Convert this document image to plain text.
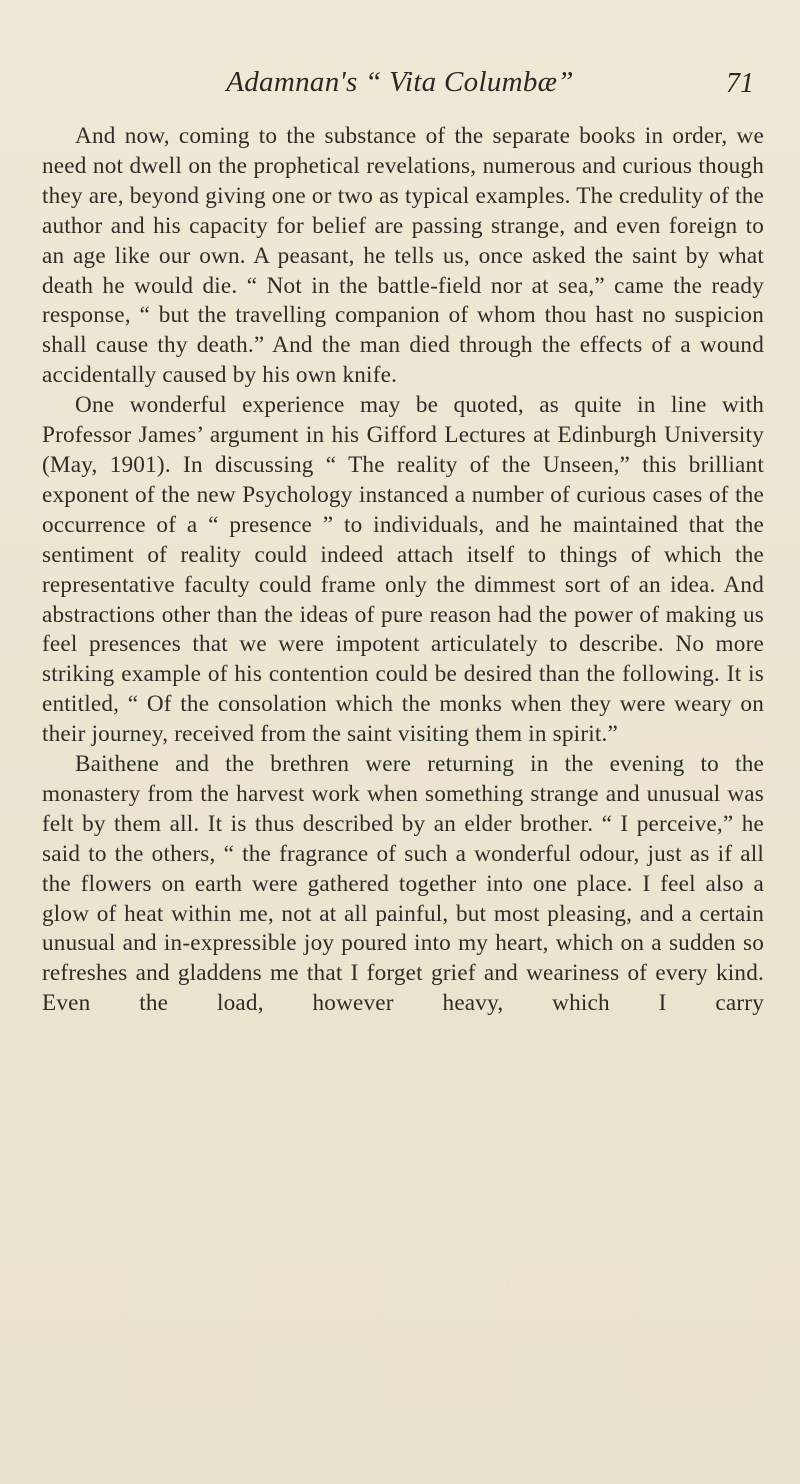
Adamnan's “ Vita Columbæ”	71

And now, coming to the substance of the separate books in order, we need not dwell on the prophetical revelations, numerous and curious though they are, beyond giving one or two as typical examples. The credulity of the author and his capacity for belief are passing strange, and even foreign to an age like our own. A peasant, he tells us, once asked the saint by what death he would die. “ Not in the battle-field nor at sea,” came the ready response, “ but the travelling companion of whom thou hast no suspicion shall cause thy death.” And the man died through the effects of a wound accidentally caused by his own knife.

One wonderful experience may be quoted, as quite in line with Professor James’ argument in his Gifford Lectures at Edinburgh University (May, 1901). In discussing “ The reality of the Unseen,” this brilliant exponent of the new Psychology instanced a number of curious cases of the occurrence of a “ presence ” to individuals, and he maintained that the sentiment of reality could indeed attach itself to things of which the representative faculty could frame only the dimmest sort of an idea. And abstractions other than the ideas of pure reason had the power of making us feel presences that we were impotent articulately to describe. No more striking example of his contention could be desired than the following. It is entitled, “ Of the consolation which the monks when they were weary on their journey, received from the saint visiting them in spirit.”

Baithene and the brethren were returning in the evening to the monastery from the harvest work when something strange and unusual was felt by them all. It is thus described by an elder brother. “ I perceive,” he said to the others, “ the fragrance of such a wonderful odour, just as if all the flowers on earth were gathered together into one place. I feel also a glow of heat within me, not at all painful, but most pleasing, and a certain unusual and in-expressible joy poured into my heart, which on a sudden so refreshes and gladdens me that I forget grief and weariness of every kind. Even the load, however heavy, which I carry
